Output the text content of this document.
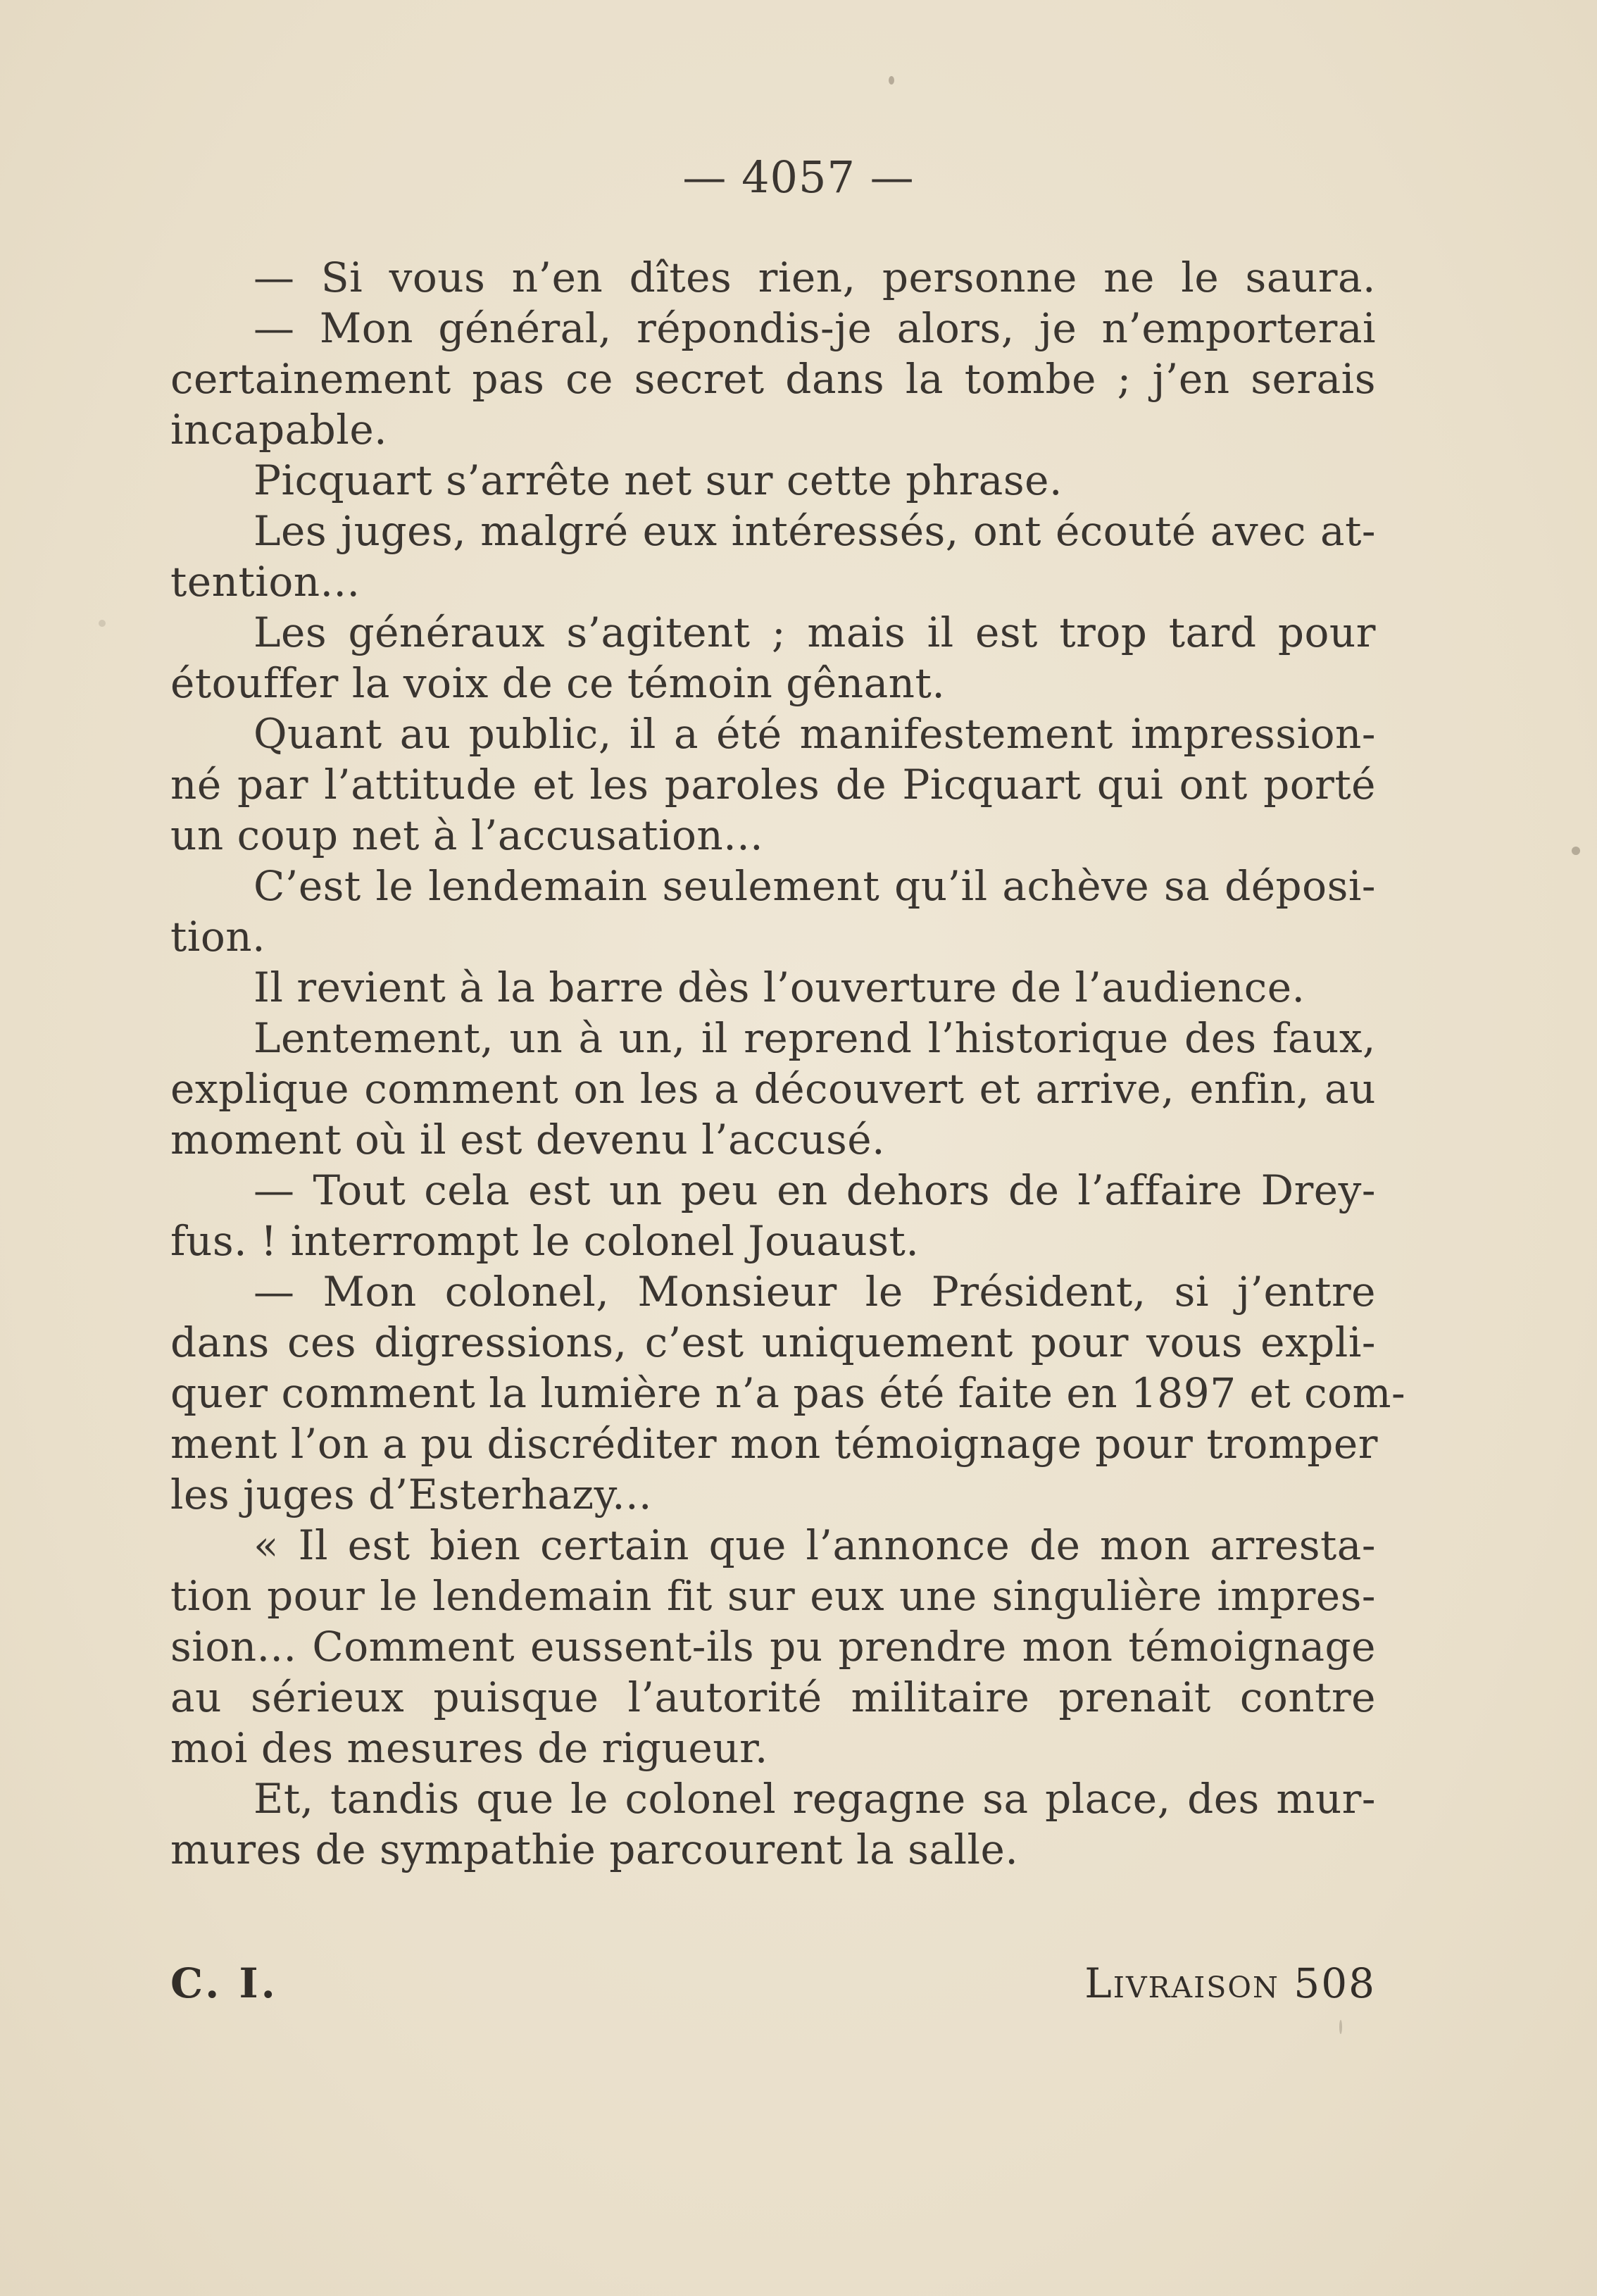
— 4057 —
— Si vous n’en dîtes rien, personne ne le saura.
— Mon général, répondis-je alors, je n’emporterai
certainement pas ce secret dans la tombe ; j’en serais
incapable.
Picquart s’arrête net sur cette phrase.
Les juges, malgré eux intéressés, ont écouté avec at-
tention...
Les généraux s’agitent ; mais il est trop tard pour
étouffer la voix de ce témoin gênant.
Quant au public, il a été manifestement impression-
né par l’attitude et les paroles de Picquart qui ont porté
un coup net à l’accusation...
C’est le lendemain seulement qu’il achève sa déposi-
tion.
Il revient à la barre dès l’ouverture de l’audience.
Lentement, un à un, il reprend l’historique des faux,
explique comment on les a découvert et arrive, enfin, au
moment où il est devenu l’accusé.
— Tout cela est un peu en dehors de l’affaire Drey-
fus. ! interrompt le colonel Jouaust.
— Mon colonel, Monsieur le Président, si j’entre
dans ces digressions, c’est uniquement pour vous expli-
quer comment la lumière n’a pas été faite en 1897 et com-
ment l’on a pu discréditer mon témoignage pour tromper
les juges d’Esterhazy...
« Il est bien certain que l’annonce de mon arresta-
tion pour le lendemain fit sur eux une singulière impres-
sion... Comment eussent-ils pu prendre mon témoignage
au sérieux puisque l’autorité militaire prenait contre
moi des mesures de rigueur.
Et, tandis que le colonel regagne sa place, des mur-
mures de sympathie parcourent la salle.
C. I.	Livraison 508
